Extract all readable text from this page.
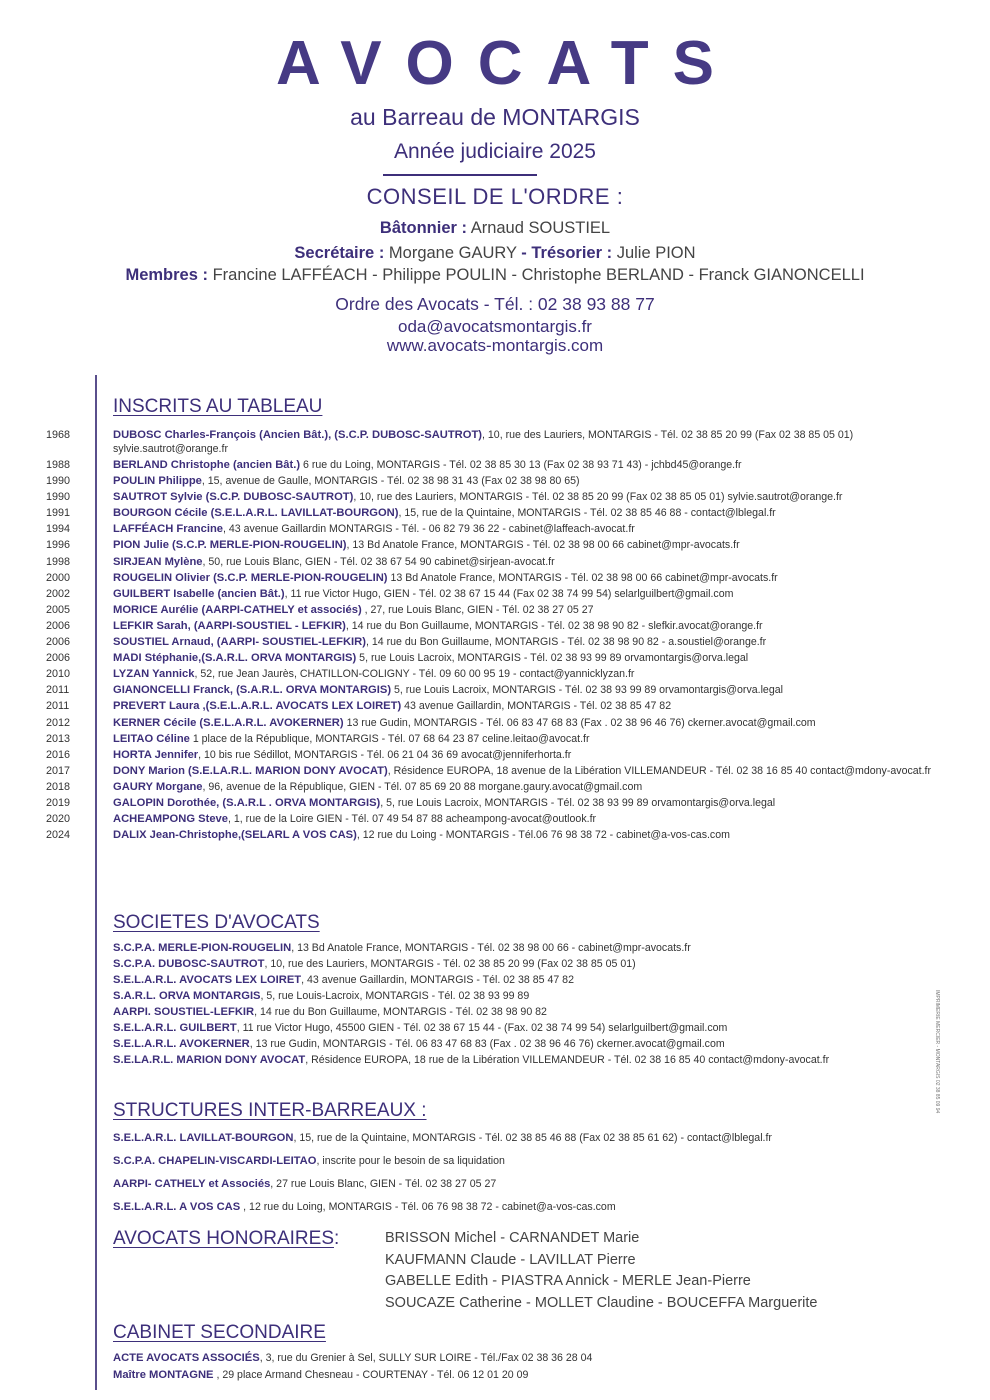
AVOCATS
au Barreau de MONTARGIS
Année judiciaire 2025
CONSEIL DE L'ORDRE :
Bâtonnier : Arnaud SOUSTIEL
Secrétaire : Morgane GAURY - Trésorier : Julie PION
Membres : Francine LAFFÉACH - Philippe POULIN - Christophe BERLAND - Franck GIANONCELLI
Ordre des Avocats - Tél. : 02 38 93 88 77
oda@avocatsmontargis.fr
www.avocats-montargis.com
INSCRITS AU TABLEAU
1968	DUBOSC Charles-François (Ancien Bât.), (S.C.P. DUBOSC-SAUTROT), 10, rue des Lauriers, MONTARGIS - Tél. 02 38 85 20 99 (Fax 02 38 85 05 01)
sylvie.sautrot@orange.fr
1988	BERLAND Christophe (ancien Bât.) 6 rue du Loing, MONTARGIS - Tél. 02 38 85 30 13 (Fax 02 38 93 71 43) - jchbd45@orange.fr
1990	POULIN Philippe, 15, avenue de Gaulle, MONTARGIS - Tél. 02 38 98 31 43 (Fax 02 38 98 80 65)
1990	SAUTROT Sylvie (S.C.P. DUBOSC-SAUTROT), 10, rue des Lauriers, MONTARGIS - Tél. 02 38 85 20 99 (Fax 02 38 85 05 01) sylvie.sautrot@orange.fr
1991	BOURGON Cécile (S.E.L.A.R.L. LAVILLAT-BOURGON), 15, rue de la Quintaine, MONTARGIS - Tél. 02 38 85 46 88 - contact@lblegal.fr
1994	LAFFÉACH Francine, 43 avenue Gaillardin MONTARGIS - Tél. - 06 82 79 36 22 - cabinet@laffeach-avocat.fr
1996	PION Julie (S.C.P. MERLE-PION-ROUGELIN), 13 Bd Anatole France, MONTARGIS - Tél. 02 38 98 00 66 cabinet@mpr-avocats.fr
1998	SIRJEAN Mylène, 50, rue Louis Blanc, GIEN - Tél. 02 38 67 54 90 cabinet@sirjean-avocat.fr
2000	ROUGELIN Olivier (S.C.P. MERLE-PION-ROUGELIN) 13 Bd Anatole France, MONTARGIS - Tél. 02 38 98 00 66 cabinet@mpr-avocats.fr
2002	GUILBERT Isabelle (ancien Bât.), 11 rue Victor Hugo, GIEN - Tél. 02 38 67 15 44 (Fax 02 38 74 99 54) selarlguilbert@gmail.com
2005	MORICE Aurélie (AARPI-CATHELY et associés) , 27, rue Louis Blanc, GIEN - Tél. 02 38 27 05 27
2006	LEFKIR Sarah, (AARPI-SOUSTIEL - LEFKIR), 14 rue du Bon Guillaume, MONTARGIS - Tél. 02 38 98 90 82 - slefkir.avocat@orange.fr
2006	SOUSTIEL Arnaud, (AARPI- SOUSTIEL-LEFKIR), 14 rue du Bon Guillaume, MONTARGIS - Tél. 02 38 98 90 82 - a.soustiel@orange.fr
2006	MADI Stéphanie,(S.A.R.L. ORVA MONTARGIS) 5, rue Louis Lacroix, MONTARGIS - Tél. 02 38 93 99 89 orvamontargis@orva.legal
2010	LYZAN Yannick, 52, rue Jean Jaurès, CHATILLON-COLIGNY - Tél. 09 60 00 95 19 - contact@yannicklyzan.fr
2011	GIANONCELLI Franck, (S.A.R.L. ORVA MONTARGIS) 5, rue Louis Lacroix, MONTARGIS - Tél. 02 38 93 99 89 orvamontargis@orva.legal
2011	PREVERT Laura ,(S.E.L.A.R.L. AVOCATS LEX LOIRET) 43 avenue Gaillardin, MONTARGIS - Tél. 02 38 85 47 82
2012	KERNER Cécile (S.E.L.A.R.L. AVOKERNER) 13 rue Gudin, MONTARGIS - Tél. 06 83 47 68 83 (Fax . 02 38 96 46 76) ckerner.avocat@gmail.com
2013	LEITAO Céline 1 place de la République, MONTARGIS - Tél. 07 68 64 23 87 celine.leitao@avocat.fr
2016	HORTA Jennifer, 10 bis rue Sédillot, MONTARGIS - Tél. 06 21 04 36 69 avocat@jenniferhorta.fr
2017	DONY Marion (S.E.LA.R.L. MARION DONY AVOCAT), Résidence EUROPA, 18 avenue de la Libération VILLEMANDEUR - Tél. 02 38 16 85 40 contact@mdony-avocat.fr
2018	GAURY Morgane, 96, avenue de la République, GIEN - Tél. 07 85 69 20 88 morgane.gaury.avocat@gmail.com
2019	GALOPIN Dorothée, (S.A.R.L . ORVA MONTARGIS), 5, rue Louis Lacroix, MONTARGIS - Tél. 02 38 93 99 89 orvamontargis@orva.legal
2020	ACHEAMPONG Steve, 1, rue de la Loire GIEN - Tél. 07 49 54 87 88 acheampong-avocat@outlook.fr
2024	DALIX Jean-Christophe,(SELARL A VOS CAS), 12 rue du Loing - MONTARGIS - Tél.06 76 98 38 72 - cabinet@a-vos-cas.com
SOCIETES D'AVOCATS
S.C.P.A. MERLE-PION-ROUGELIN, 13 Bd Anatole France, MONTARGIS - Tél. 02 38 98 00 66 - cabinet@mpr-avocats.fr
S.C.P.A. DUBOSC-SAUTROT, 10, rue des Lauriers, MONTARGIS - Tél. 02 38 85 20 99 (Fax 02 38 85 05 01)
S.E.L.A.R.L. AVOCATS LEX LOIRET, 43 avenue Gaillardin, MONTARGIS - Tél. 02 38 85 47 82
S.A.R.L. ORVA MONTARGIS, 5, rue Louis-Lacroix, MONTARGIS - Tél. 02 38 93 99 89
AARPI. SOUSTIEL-LEFKIR, 14 rue du Bon Guillaume, MONTARGIS - Tél. 02 38 98 90 82
S.E.L.A.R.L. GUILBERT, 11 rue Victor Hugo, 45500 GIEN - Tél. 02 38 67 15 44 - (Fax. 02 38 74 99 54) selarlguilbert@gmail.com
S.E.L.A.R.L. AVOKERNER, 13 rue Gudin, MONTARGIS - Tél. 06 83 47 68 83 (Fax . 02 38 96 46 76) ckerner.avocat@gmail.com
S.E.LA.R.L. MARION DONY AVOCAT, Résidence EUROPA, 18 rue de la Libération VILLEMANDEUR - Tél. 02 38 16 85 40 contact@mdony-avocat.fr
STRUCTURES INTER-BARREAUX :
S.E.L.A.R.L. LAVILLAT-BOURGON, 15, rue de la Quintaine, MONTARGIS - Tél. 02 38 85 46 88 (Fax 02 38 85 61 62) - contact@lblegal.fr
S.C.P.A. CHAPELIN-VISCARDI-LEITAO, inscrite pour le besoin de sa liquidation
AARPI- CATHELY et Associés, 27 rue Louis Blanc, GIEN - Tél. 02 38 27 05 27
S.E.L.A.R.L. A VOS CAS , 12 rue du Loing, MONTARGIS - Tél. 06 76 98 38 72 - cabinet@a-vos-cas.com
AVOCATS HONORAIRES:	BRISSON Michel - CARNANDET Marie
KAUFMANN Claude - LAVILLAT Pierre
GABELLE Edith - PIASTRA Annick - MERLE Jean-Pierre
SOUCAZE Catherine - MOLLET Claudine - BOUCEFFA Marguerite
CABINET SECONDAIRE
ACTE AVOCATS ASSOCIÉS, 3, rue du Grenier à Sel, SULLY SUR LOIRE - Tél./Fax 02 38 36 28 04
Maître MONTAGNE , 29 place Armand Chesneau - COURTENAY - Tél. 06 12 01 20 09
IMPRIMERIE MERCIER - MONTARGIS 02 38 85 09 94
